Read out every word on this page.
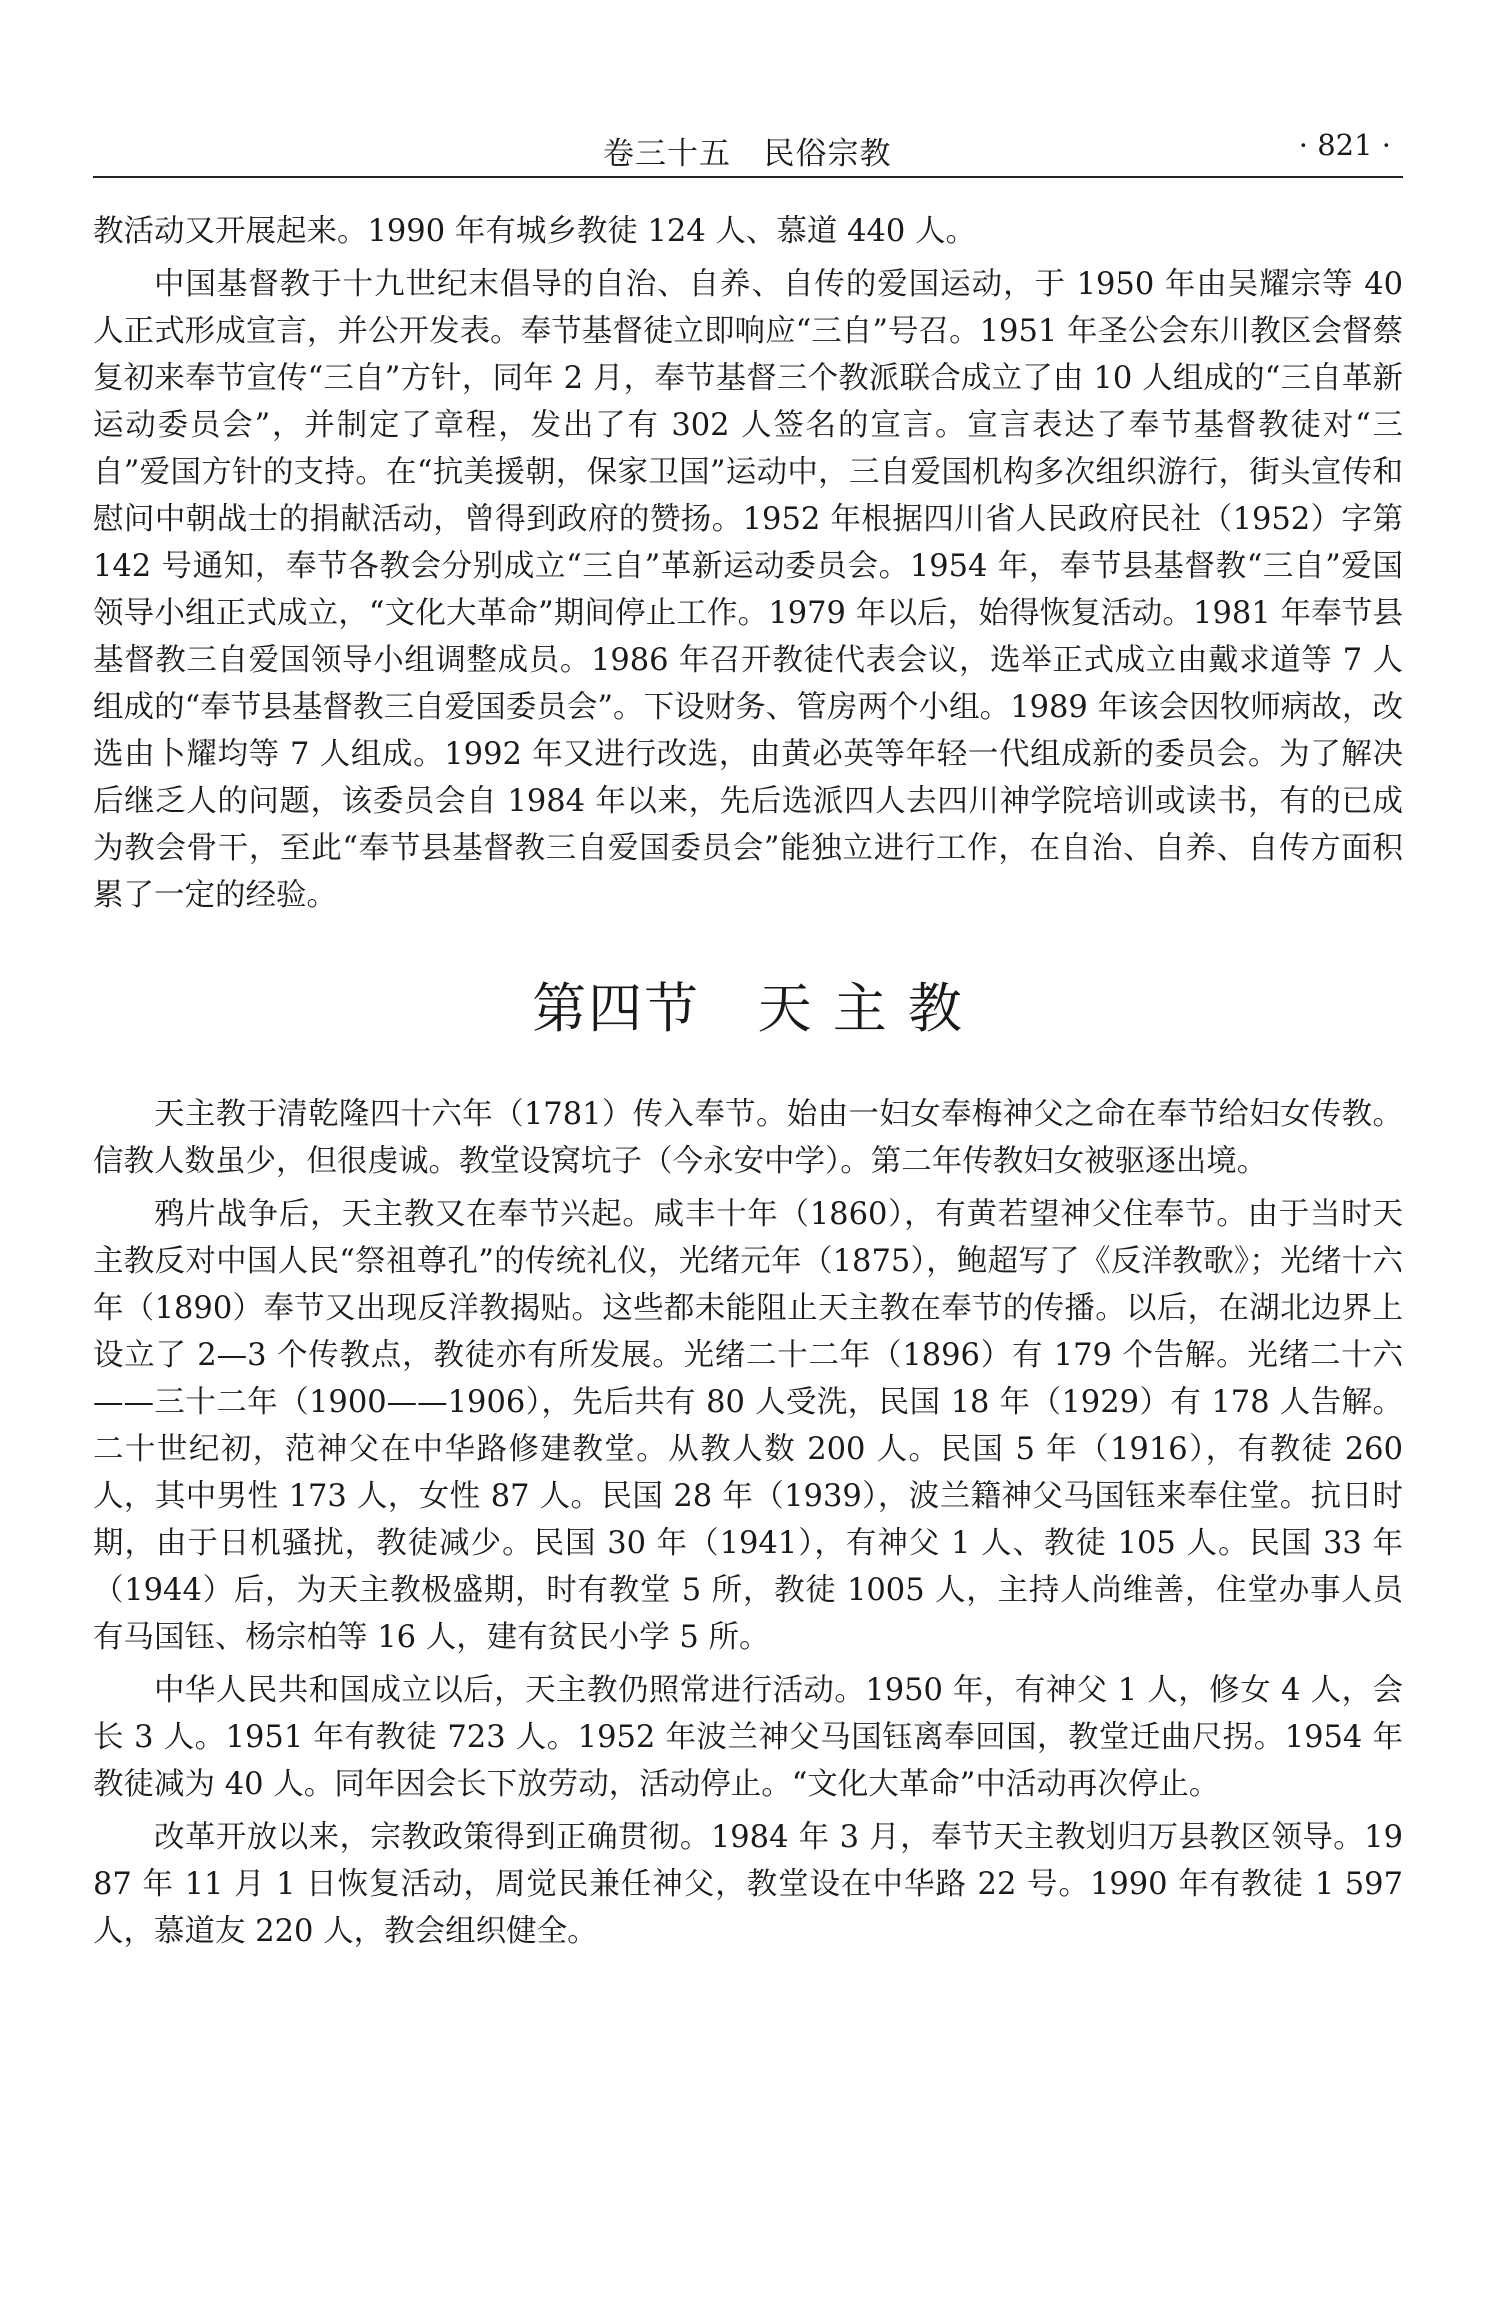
卷三十五   民俗宗教	· 821 ·

教活动又开展起来。1990 年有城乡教徒 124 人、慕道 440 人。

中国基督教于十九世纪末倡导的自治、自养、自传的爱国运动，于 1950 年由吴耀宗等 40 人正式形成宣言，并公开发表。奉节基督徒立即响应“三自”号召。1951 年圣公会东川教区会督蔡复初来奉节宣传“三自”方针，同年 2 月，奉节基督三个教派联合成立了由 10 人组成的“三自革新运动委员会”，并制定了章程，发出了有 302 人签名的宣言。宣言表达了奉节基督教徒对“三自”爱国方针的支持。在“抗美援朝，保家卫国”运动中，三自爱国机构多次组织游行，街头宣传和慰问中朝战士的捐献活动，曾得到政府的赞扬。1952 年根据四川省人民政府民社（1952）字第 142 号通知，奉节各教会分别成立“三自”革新运动委员会。1954 年，奉节县基督教“三自”爱国领导小组正式成立，“文化大革命”期间停止工作。1979 年以后，始得恢复活动。1981 年奉节县基督教三自爱国领导小组调整成员。1986 年召开教徒代表会议，选举正式成立由戴求道等 7 人组成的“奉节县基督教三自爱国委员会”。下设财务、管房两个小组。1989 年该会因牧师病故，改选由卜耀均等 7 人组成。1992 年又进行改选，由黄必英等年轻一代组成新的委员会。为了解决后继乏人的问题，该委员会自 1984 年以来，先后选派四人去四川神学院培训或读书，有的已成为教会骨干，至此“奉节县基督教三自爱国委员会”能独立进行工作，在自治、自养、自传方面积累了一定的经验。

第四节   天 主 教

天主教于清乾隆四十六年（1781）传入奉节。始由一妇女奉梅神父之命在奉节给妇女传教。信教人数虽少，但很虔诚。教堂设窝坑子（今永安中学）。第二年传教妇女被驱逐出境。

鸦片战争后，天主教又在奉节兴起。咸丰十年（1860），有黄若望神父住奉节。由于当时天主教反对中国人民“祭祖尊孔”的传统礼仪，光绪元年（1875），鲍超写了《反洋教歌》；光绪十六年（1890）奉节又出现反洋教揭贴。这些都未能阻止天主教在奉节的传播。以后，在湖北边界上设立了 2—3 个传教点，教徒亦有所发展。光绪二十二年（1896）有 179 个告解。光绪二十六——三十二年（1900——1906），先后共有 80 人受洗，民国 18 年（1929）有 178 人告解。二十世纪初，范神父在中华路修建教堂。从教人数 200 人。民国 5 年（1916），有教徒 260 人，其中男性 173 人，女性 87 人。民国 28 年（1939），波兰籍神父马国钰来奉住堂。抗日时期，由于日机骚扰，教徒减少。民国 30 年（1941），有神父 1 人、教徒 105 人。民国 33 年（1944）后，为天主教极盛期，时有教堂 5 所，教徒 1005 人，主持人尚维善，住堂办事人员有马国钰、杨宗柏等 16 人，建有贫民小学 5 所。

中华人民共和国成立以后，天主教仍照常进行活动。1950 年，有神父 1 人，修女 4 人，会长 3 人。1951 年有教徒 723 人。1952 年波兰神父马国钰离奉回国，教堂迁曲尺拐。1954 年教徒减为 40 人。同年因会长下放劳动，活动停止。“文化大革命”中活动再次停止。

改革开放以来，宗教政策得到正确贯彻。1984 年 3 月，奉节天主教划归万县教区领导。1987 年 11 月 1 日恢复活动，周觉民兼任神父，教堂设在中华路 22 号。1990 年有教徒 1 597 人，慕道友 220 人，教会组织健全。
